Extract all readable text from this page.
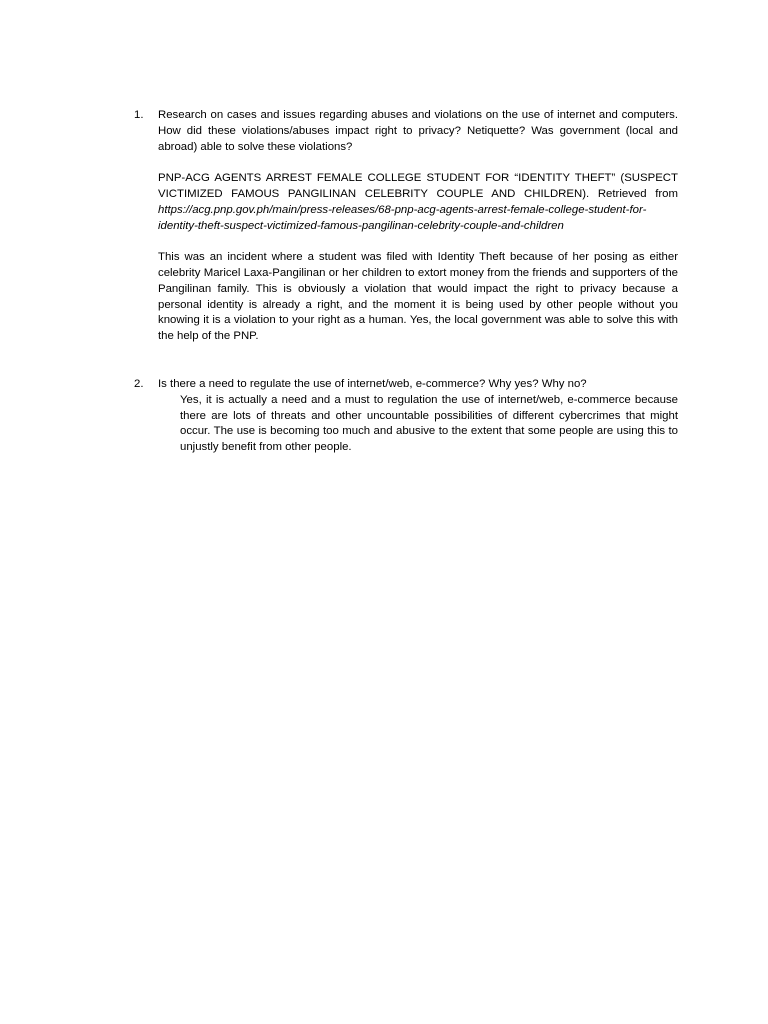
1.	Research on cases and issues regarding abuses and violations on the use of internet and computers. How did these violations/abuses impact right to privacy? Netiquette? Was government (local and abroad) able to solve these violations?

PNP-ACG AGENTS ARREST FEMALE COLLEGE STUDENT FOR “IDENTITY THEFT” (SUSPECT VICTIMIZED FAMOUS PANGILINAN CELEBRITY COUPLE AND CHILDREN). Retrieved from https://acg.pnp.gov.ph/main/press-releases/68-pnp-acg-agents-arrest-female-college-student-for-identity-theft-suspect-victimized-famous-pangilinan-celebrity-couple-and-children

This was an incident where a student was filed with Identity Theft because of her posing as either celebrity Maricel Laxa-Pangilinan or her children to extort money from the friends and supporters of the Pangilinan family. This is obviously a violation that would impact the right to privacy because a personal identity is already a right, and the moment it is being used by other people without you knowing it is a violation to your right as a human. Yes, the local government was able to solve this with the help of the PNP.

2.	Is there a need to regulate the use of internet/web, e-commerce? Why yes? Why no?

Yes, it is actually a need and a must to regulation the use of internet/web, e-commerce because there are lots of threats and other uncountable possibilities of different cybercrimes that might occur. The use is becoming too much and abusive to the extent that some people are using this to unjustly benefit from other people.
